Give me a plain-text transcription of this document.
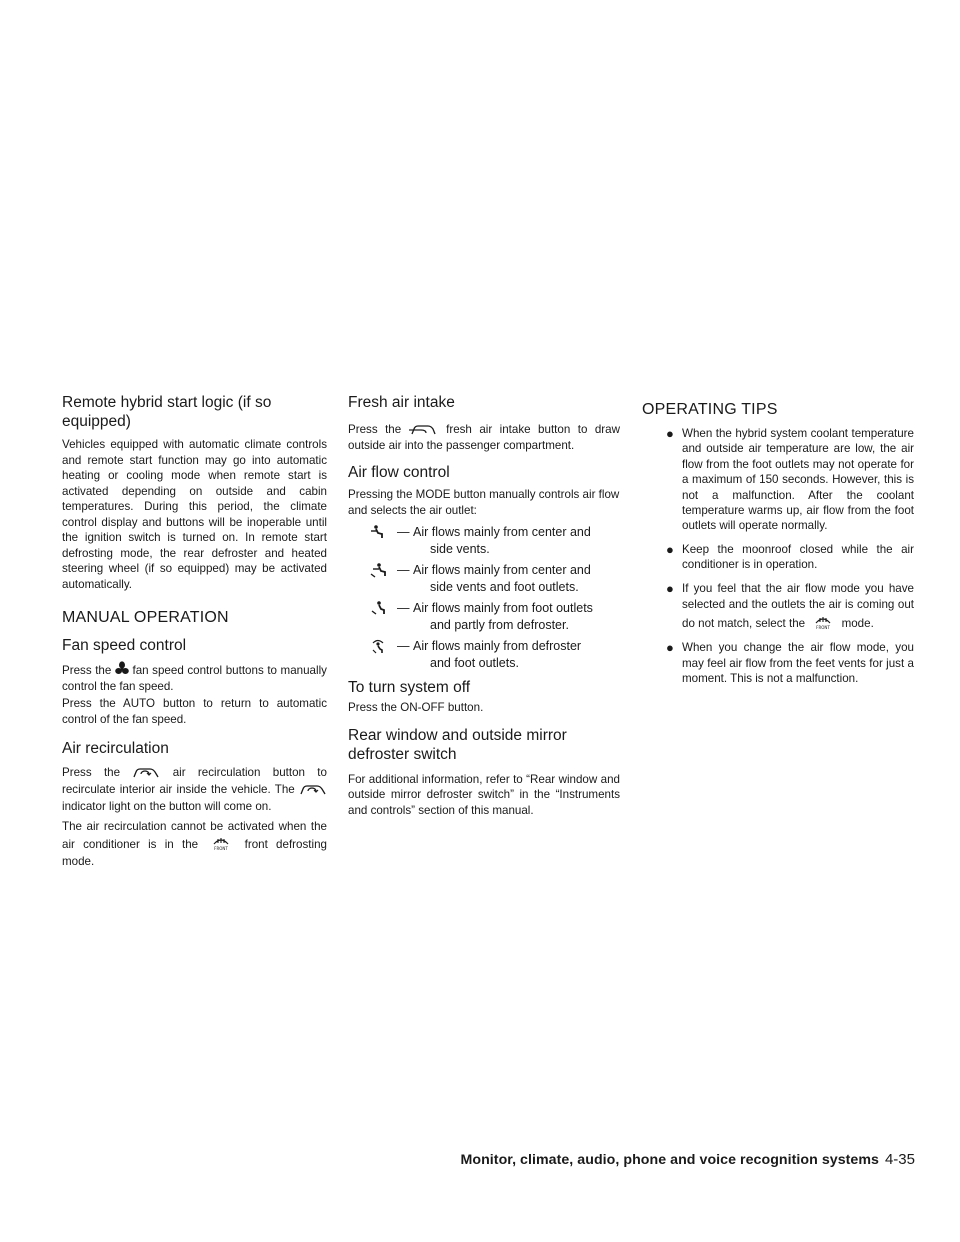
Remote hybrid start logic (if so equipped)

Vehicles equipped with automatic climate controls and remote start function may go into automatic heating or cooling mode when remote start is activated depending on outside and cabin temperatures. During this period, the climate control display and buttons will be inoperable until the ignition switch is turned on. In remote start defrosting mode, the rear defroster and heated steering wheel (if so equipped) may be activated automatically.

MANUAL OPERATION
Fan speed control

Press the fan speed control buttons to manually control the fan speed.

Press the AUTO button to return to automatic control of the fan speed.

Air recirculation

Press the	air recirculation button to recirculate interior air inside the vehicle. The
indicator light on the button will come on.

The air recirculation cannot be activated when the air conditioner is in the	FRONT front defrosting mode.

Fresh air intake

Press the	fresh air intake button to draw outside air into the passenger compartment.

Air flow control

Pressing the MODE button manually controls air flow and selects the air outlet:

— Air flows mainly from center and
side vents.
— Air flows mainly from center and
side vents and foot outlets.
— Air flows mainly from foot outlets
and partly from defroster.
— Air flows mainly from defroster
and foot outlets.
To turn system off

Press the ON-OFF button.

Rear window and outside mirror defroster switch

For additional information, refer to “Rear window and outside mirror defroster switch” in the “Instruments and controls” section of this manual.

OPERATING TIPS
● When the hybrid system coolant temperature and outside air temperature are low, the air flow from the foot outlets may not operate for a maximum of 150 seconds. However, this is not a malfunction. After the coolant temperature warms up, air flow from the foot outlets will operate normally.
● Keep the moonroof closed while the air conditioner is in operation.
● If you feel that the air flow mode you have selected and the outlets the air is coming out do not match, select the	FRONT mode.
● When you change the air flow mode, you may feel air flow from the feet vents for just a moment. This is not a malfunction.
Monitor, climate, audio, phone and voice recognition systems 4-35
